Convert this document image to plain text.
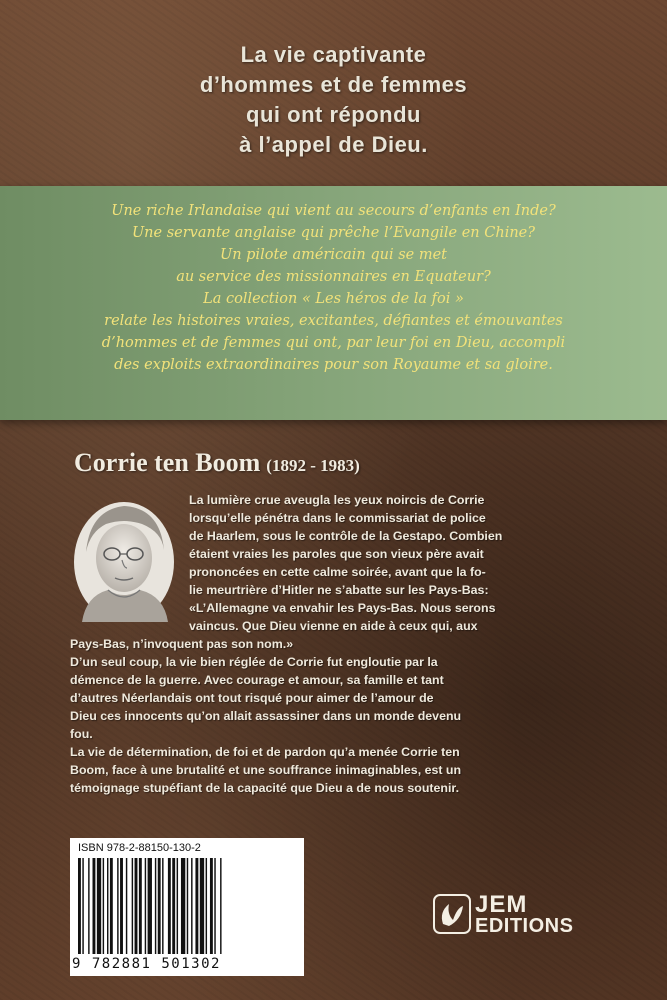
La vie captivante
d’hommes et de femmes
qui ont répondu
à l’appel de Dieu.
Une riche Irlandaise qui vient au secours d’enfants en Inde?
Une servante anglaise qui prêche l’Evangile en Chine?
Un pilote américain qui se met
au service des missionnaires en Equateur?
La collection « Les héros de la foi »
relate les histoires vraies, excitantes, défiantes et émouvantes
d’hommes et de femmes qui ont, par leur foi en Dieu, accompli
des exploits extraordinaires pour son Royaume et sa gloire.
Corrie ten Boom (1892 - 1983)
La lumière crue aveugla les yeux noircis de Corrie
lorsqu’elle pénétra dans le commissariat de police
de Haarlem, sous le contrôle de la Gestapo. Combien
étaient vraies les paroles que son vieux père avait
prononcées en cette calme soirée, avant que la fo-
lie meurtrière d’Hitler ne s’abatte sur les Pays-Bas:
«L’Allemagne va envahir les Pays-Bas. Nous serons
vaincus. Que Dieu vienne en aide à ceux qui, aux
Pays-Bas, n’invoquent pas son nom.»
D’un seul coup, la vie bien réglée de Corrie fut engloutie par la
démence de la guerre. Avec courage et amour, sa famille et tant
d’autres Néerlandais ont tout risqué pour aimer de l’amour de
Dieu ces innocents qu’on allait assassiner dans un monde devenu
fou.
La vie de détermination, de foi et de pardon qu’a menée Corrie ten
Boom, face à une brutalité et une souffrance inimaginables, est un
témoignage stupéfiant de la capacité que Dieu a de nous soutenir.
ISBN 978-2-88150-130-2
9 782881 501302
JEM
EDITIONS
